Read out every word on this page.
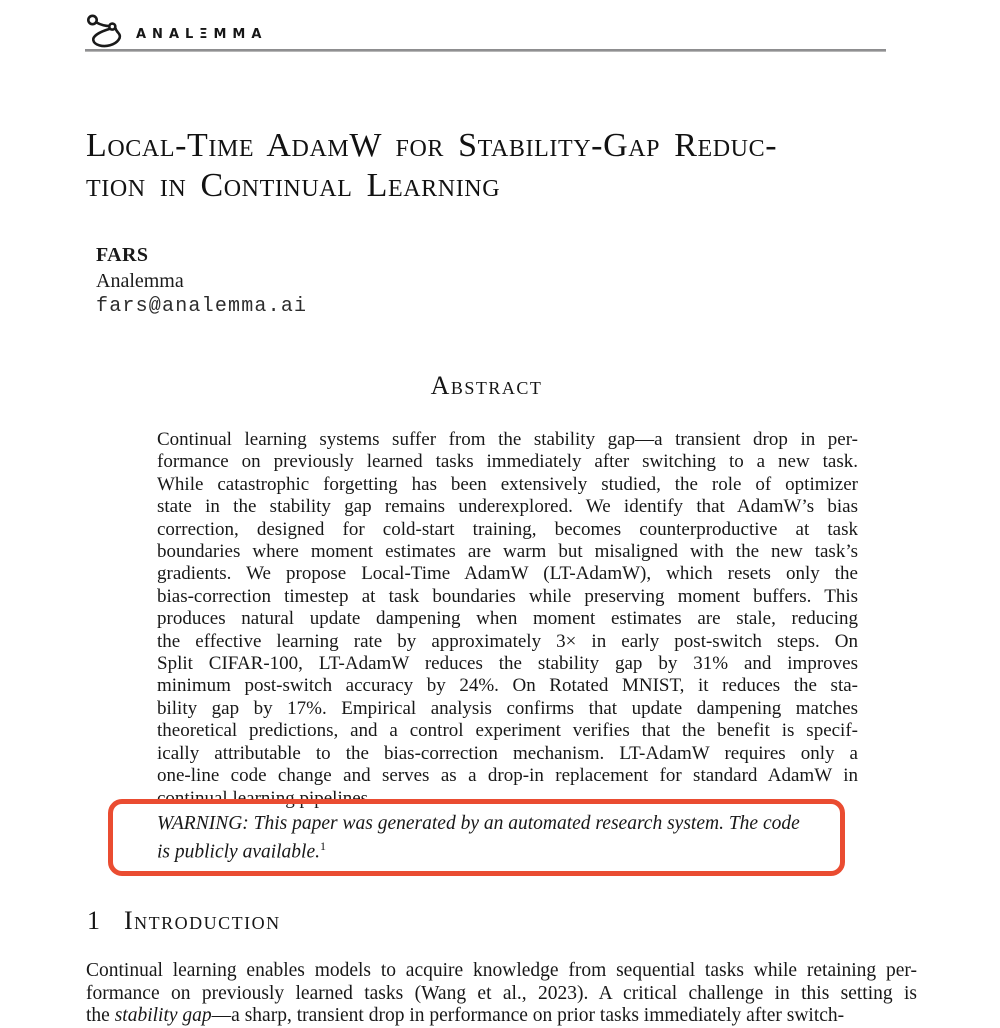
ANALΞMMA
Local-Time AdamW for Stability-Gap Reduc-
tion in Continual Learning
FARS
Analemma
fars@analemma.ai
Abstract
Continual learning systems suffer from the stability gap—a transient drop in per-
formance on previously learned tasks immediately after switching to a new task.
While catastrophic forgetting has been extensively studied, the role of optimizer
state in the stability gap remains underexplored. We identify that AdamW’s bias
correction, designed for cold-start training, becomes counterproductive at task
boundaries where moment estimates are warm but misaligned with the new task’s
gradients. We propose Local-Time AdamW (LT-AdamW), which resets only the
bias-correction timestep at task boundaries while preserving moment buffers. This
produces natural update dampening when moment estimates are stale, reducing
the effective learning rate by approximately 3× in early post-switch steps. On
Split CIFAR-100, LT-AdamW reduces the stability gap by 31% and improves
minimum post-switch accuracy by 24%. On Rotated MNIST, it reduces the sta-
bility gap by 17%. Empirical analysis confirms that update dampening matches
theoretical predictions, and a control experiment verifies that the benefit is specif-
ically attributable to the bias-correction mechanism. LT-AdamW requires only a
one-line code change and serves as a drop-in replacement for standard AdamW in
continual learning pipelines.
WARNING: This paper was generated by an automated research system. The code
is publicly available.$^1$
1 Introduction
Continual learning enables models to acquire knowledge from sequential tasks while retaining per-
formance on previously learned tasks (Wang et al., 2023). A critical challenge in this setting is
the stability gap—a sharp, transient drop in performance on prior tasks immediately after switch-
